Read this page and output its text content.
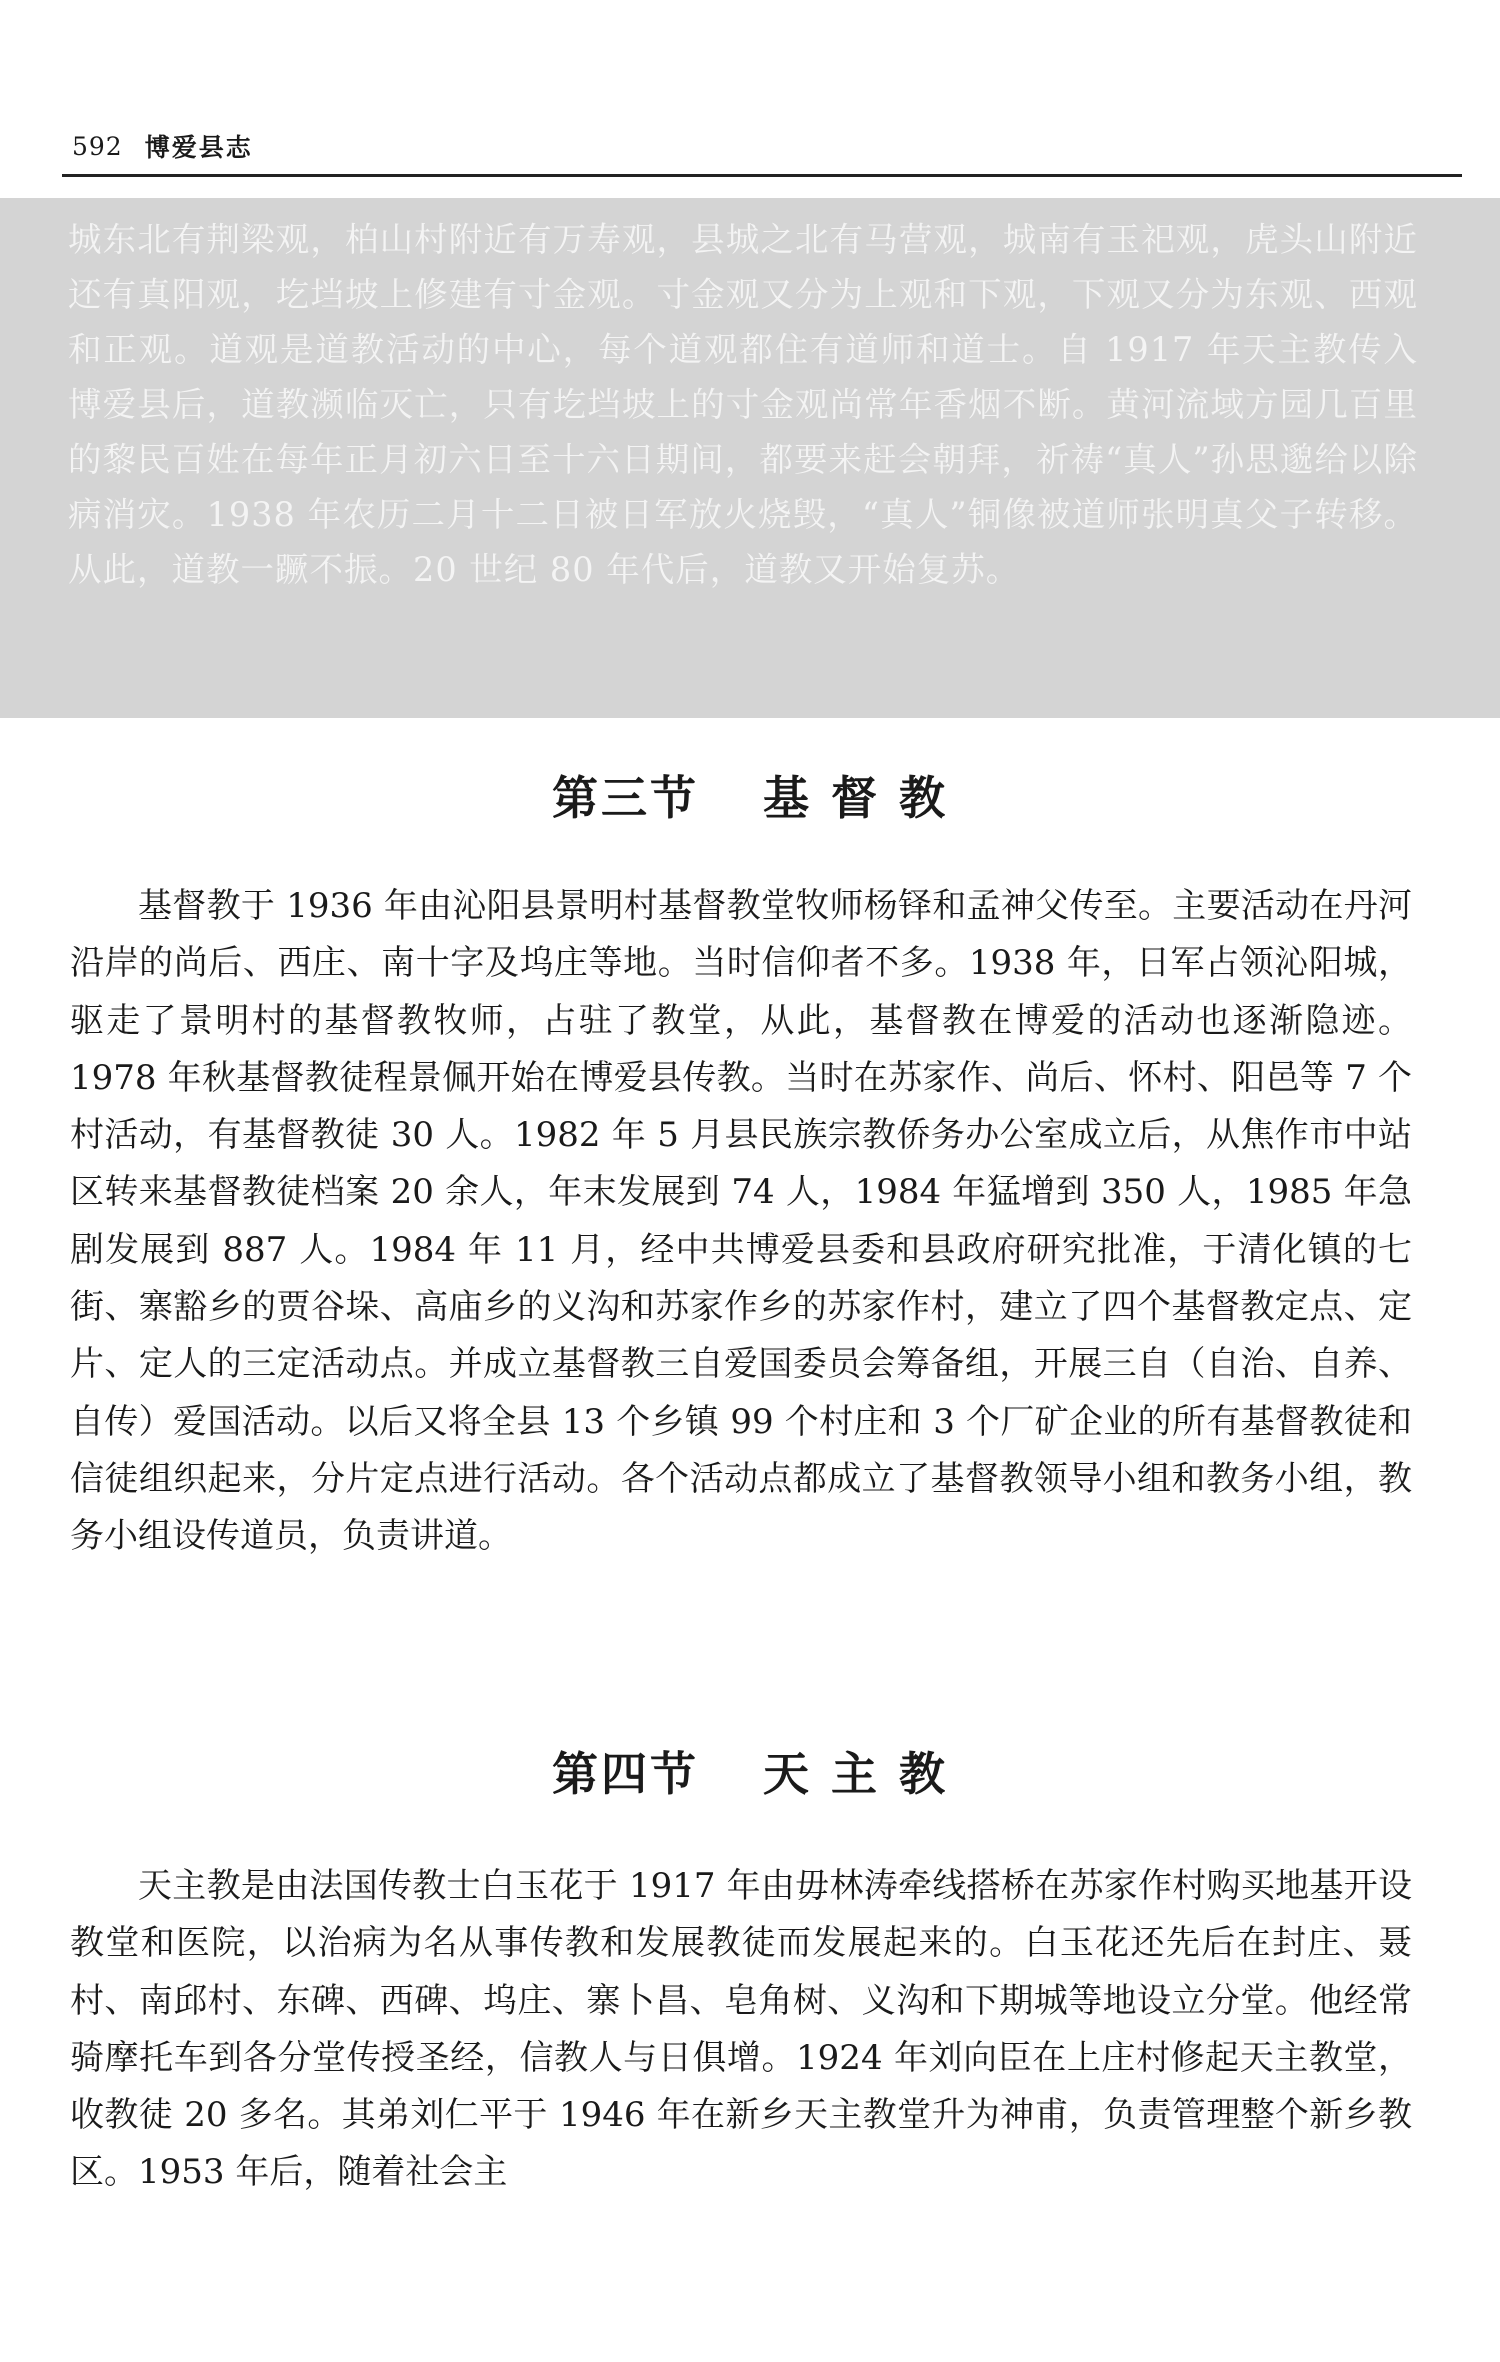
592 博爱县志

城东北有荆梁观，柏山村附近有万寿观，县城之北有马营观，城南有玉祀观，虎头山附近还有真阳观，圪垱坡上修建有寸金观。寸金观又分为上观和下观，下观又分为东观、西观和正观。道观是道教活动的中心，每个道观都住有道师和道士。自 1917 年天主教传入博爱县后，道教濒临灭亡，只有圪垱坡上的寸金观尚常年香烟不断。黄河流域方园几百里的黎民百姓在每年正月初六日至十六日期间，都要来赶会朝拜，祈祷“真人”孙思邈给以除病消灾。1938 年农历二月十二日被日军放火烧毁，“真人”铜像被道师张明真父子转移。从此，道教一蹶不振。20 世纪 80 年代后，道教又开始复苏。

第三节 基 督 教

基督教于 1936 年由沁阳县景明村基督教堂牧师杨铎和孟神父传至。主要活动在丹河沿岸的尚后、西庄、南十字及坞庄等地。当时信仰者不多。1938 年，日军占领沁阳城，驱走了景明村的基督教牧师，占驻了教堂，从此，基督教在博爱的活动也逐渐隐迹。1978 年秋基督教徒程景佩开始在博爱县传教。当时在苏家作、尚后、怀村、阳邑等 7 个村活动，有基督教徒 30 人。1982 年 5 月县民族宗教侨务办公室成立后，从焦作市中站区转来基督教徒档案 20 余人，年末发展到 74 人，1984 年猛增到 350 人，1985 年急剧发展到 887 人。1984 年 11 月，经中共博爱县委和县政府研究批准，于清化镇的七街、寨豁乡的贾谷垛、高庙乡的义沟和苏家作乡的苏家作村，建立了四个基督教定点、定片、定人的三定活动点。并成立基督教三自爱国委员会筹备组，开展三自（自治、自养、自传）爱国活动。以后又将全县 13 个乡镇 99 个村庄和 3 个厂矿企业的所有基督教徒和信徒组织起来，分片定点进行活动。各个活动点都成立了基督教领导小组和教务小组，教务小组设传道员，负责讲道。

第四节 天 主 教

天主教是由法国传教士白玉花于 1917 年由毋林涛牵线搭桥在苏家作村购买地基开设教堂和医院，以治病为名从事传教和发展教徒而发展起来的。白玉花还先后在封庄、聂村、南邱村、东碑、西碑、坞庄、寨卜昌、皂角树、义沟和下期城等地设立分堂。他经常骑摩托车到各分堂传授圣经，信教人与日俱增。1924 年刘向臣在上庄村修起天主教堂，收教徒 20 多名。其弟刘仁平于 1946 年在新乡天主教堂升为神甫，负责管理整个新乡教区。1953 年后，随着社会主
